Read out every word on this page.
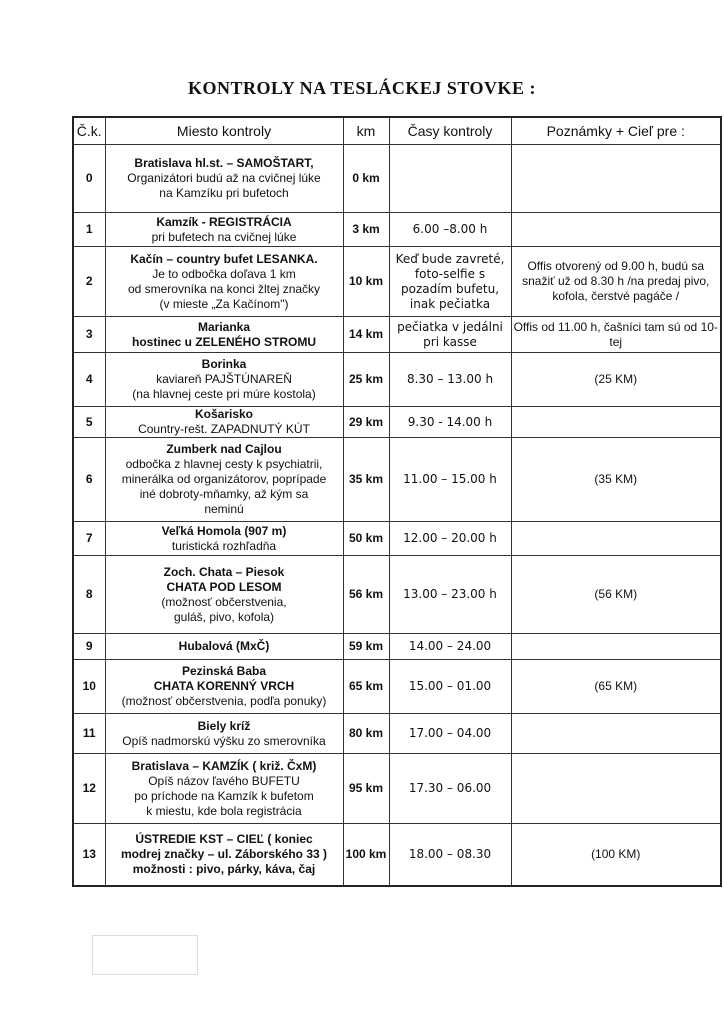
KONTROLY NA TESLÁCKEJ STOVKE :
Č.k.	Miesto kontroly	km	Časy kontroly	Poznámky + Cieľ pre :
0	Bratislava hl.st. – SAMOŠTART,
Organizátori budú až na cvičnej lúke
na Kamzíku pri bufetoch	0 km		
1	Kamzík - REGISTRÁCIA
pri bufetech na cvičnej lúke	3 km	6.00 –8.00 h	
2	Kačín – country bufet LESANKA.
Je to odbočka doľava 1 km
od smerovníka na konci žltej značky
(v mieste „Za Kačínom")	10 km	Keď bude zavreté, foto-selfie s pozadím bufetu, inak pečiatka	Offis otvorený od 9.00 h, budú sa snažiť už od 8.30 h /na predaj pivo, kofola, čerstvé pagáče /
3	Marianka
hostinec u ZELENÉHO STROMU	14 km	pečiatka v jedálni pri kasse	Offis od 11.00 h, čašníci tam sú od 10-tej
4	Borinka
kaviareň PAJŠTÚNAREŇ
(na hlavnej ceste pri múre kostola)	25 km	8.30 – 13.00 h	(25 KM)
5	Košarisko
Country-rešt. ZAPADNUTÝ KÚT	29 km	9.30 - 14.00 h	
6	Zumberk nad Cajlou
odbočka z hlavnej cesty k psychiatrii,
minerálka od organizátorov, poprípade
iné dobroty-mňamky, až kým sa
neminú	35 km	11.00 – 15.00 h	(35 KM)
7	Veľká Homola (907 m)
turistická rozhľadňa	50 km	12.00 – 20.00 h	
8	Zoch. Chata – Piesok
CHATA POD LESOM
(možnosť občerstvenia,
guláš, pivo, kofola)	56 km	13.00 – 23.00 h	(56 KM)
9	Hubalová (MxČ)	59 km	14.00 – 24.00	
10	Pezinská Baba
CHATA KORENNÝ VRCH
(možnosť občerstvenia, podľa ponuky)	65 km	15.00 – 01.00	(65 KM)
11	Biely kríž
Opíš nadmorskú výšku zo smerovníka	80 km	17.00 – 04.00	
12	Bratislava – KAMZÍK ( križ. ČxM)
Opíš názov ľavého BUFETU
po príchode na Kamzík k bufetom
k miestu, kde bola registrácia	95 km	17.30 – 06.00	
13	ÚSTREDIE KST – CIEĽ ( koniec
modrej značky – ul. Záborského 33 )
možnosti : pivo, párky, káva, čaj	100 km	18.00 – 08.30	(100 KM)
